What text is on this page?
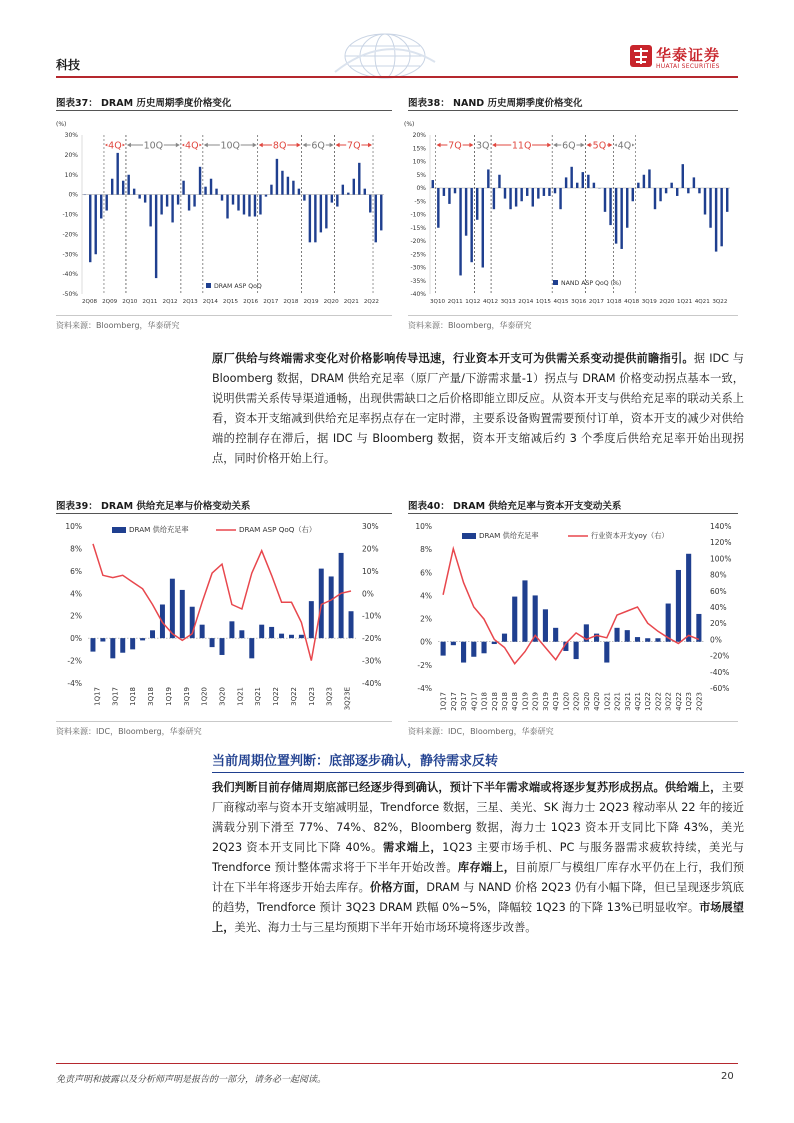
科技
华泰证券
HUATAI SECURITIES
图表37： DRAM 历史周期季度价格变化
(%)
30%
20%
10%
0%
-10%
-20%
-30%
-40%
-50%
2Q08 2Q09 2Q10 2Q11 2Q12 2Q13 2Q14 2Q15 2Q16 2Q17 2Q18 2Q19 2Q20 2Q21 2Q22
4Q 10Q 4Q 10Q	8Q	6Q 7Q
DRAM ASP QoQ
资料来源：Bloomberg，华泰研究
图表38： NAND 历史周期季度价格变化
(%)
20%
15%
10%
5%
0%
-5%
-10%
-15%
-20%
-25%
-30%
-35%
-40%
3Q10 2Q11 1Q12 4Q12 3Q13 2Q14 1Q15 4Q15 3Q16 2Q17 1Q18 4Q18 3Q19 2Q20 1Q21 4Q21 3Q22
7Q 3Q 11Q	6Q 5Q 4Q
NAND ASP QoQ (%)
资料来源：Bloomberg，华泰研究
原厂供给与终端需求变化对价格影响传导迅速，行业资本开支可为供需关系变动提供前瞻指引。据 IDC 与 Bloomberg 数据，DRAM 供给充足率（原厂产量/下游需求量-1）拐点与 DRAM 价格变动拐点基本一致，说明供需关系传导渠道通畅，出现供需缺口之后价格即能立即反应。从资本开支与供给充足率的联动关系上看，资本开支缩减到供给充足率拐点存在一定时滞，主要系设备购置需要预付订单，资本开支的减少对供给端的控制存在滞后，据 IDC 与 Bloomberg 数据，资本开支缩减后约 3 个季度后供给充足率开始出现拐点，同时价格开始上行。
图表39： DRAM 供给充足率与价格变动关系
10%
8%
6%
4%
2%
0%
-2%
-4%
30%
20%
10%
0%
-10%
-20%
-30%
-40%
1Q17 3Q17 1Q18 3Q18 1Q19 3Q19 1Q20 3Q20 1Q21 3Q21 1Q22 3Q22 1Q23 3Q23 3Q23E
DRAM 供给充足率	DRAM ASP QoQ（右）
资料来源：IDC，Bloomberg，华泰研究
图表40： DRAM 供给充足率与资本开支变动关系
10%
8%
6%
4%
2%
0%
-2%
-4%
140%
120%
100%
80%
60%
40%
20%
0%
-20%
-40%
-60%
1Q17 2Q17 3Q17 4Q17 1Q18 2Q18 3Q18 4Q18 1Q19 2Q19 3Q19 4Q19 1Q20 2Q20 3Q20 4Q20 1Q21 2Q21 3Q21 4Q21 1Q22 2Q22 3Q22 4Q22 1Q23 2Q23
DRAM 供给充足率	行业资本开支yoy（右）
资料来源：IDC，Bloomberg，华泰研究
当前周期位置判断：底部逐步确认，静待需求反转
我们判断目前存储周期底部已经逐步得到确认，预计下半年需求端或将逐步复苏形成拐点。供给端上，主要厂商稼动率与资本开支缩减明显，Trendforce 数据，三星、美光、SK 海力士 2Q23 稼动率从 22 年的接近满载分别下滑至 77%、74%、82%，Bloomberg 数据，海力士 1Q23 资本开支同比下降 43%，美光 2Q23 资本开支同比下降 40%。需求端上，1Q23 主要市场手机、PC 与服务器需求疲软持续，美光与 Trendforce 预计整体需求将于下半年开始改善。库存端上，目前原厂与模组厂库存水平仍在上行，我们预计在下半年将逐步开始去库存。价格方面，DRAM 与 NAND 价格 2Q23 仍有小幅下降，但已呈现逐步筑底的趋势，Trendforce 预计 3Q23 DRAM 跌幅 0%~5%，降幅较 1Q23 的下降 13%已明显收窄。市场展望上，美光、海力士与三星均预期下半年开始市场环境将逐步改善。
免责声明和披露以及分析师声明是报告的一部分，请务必一起阅读。	20
